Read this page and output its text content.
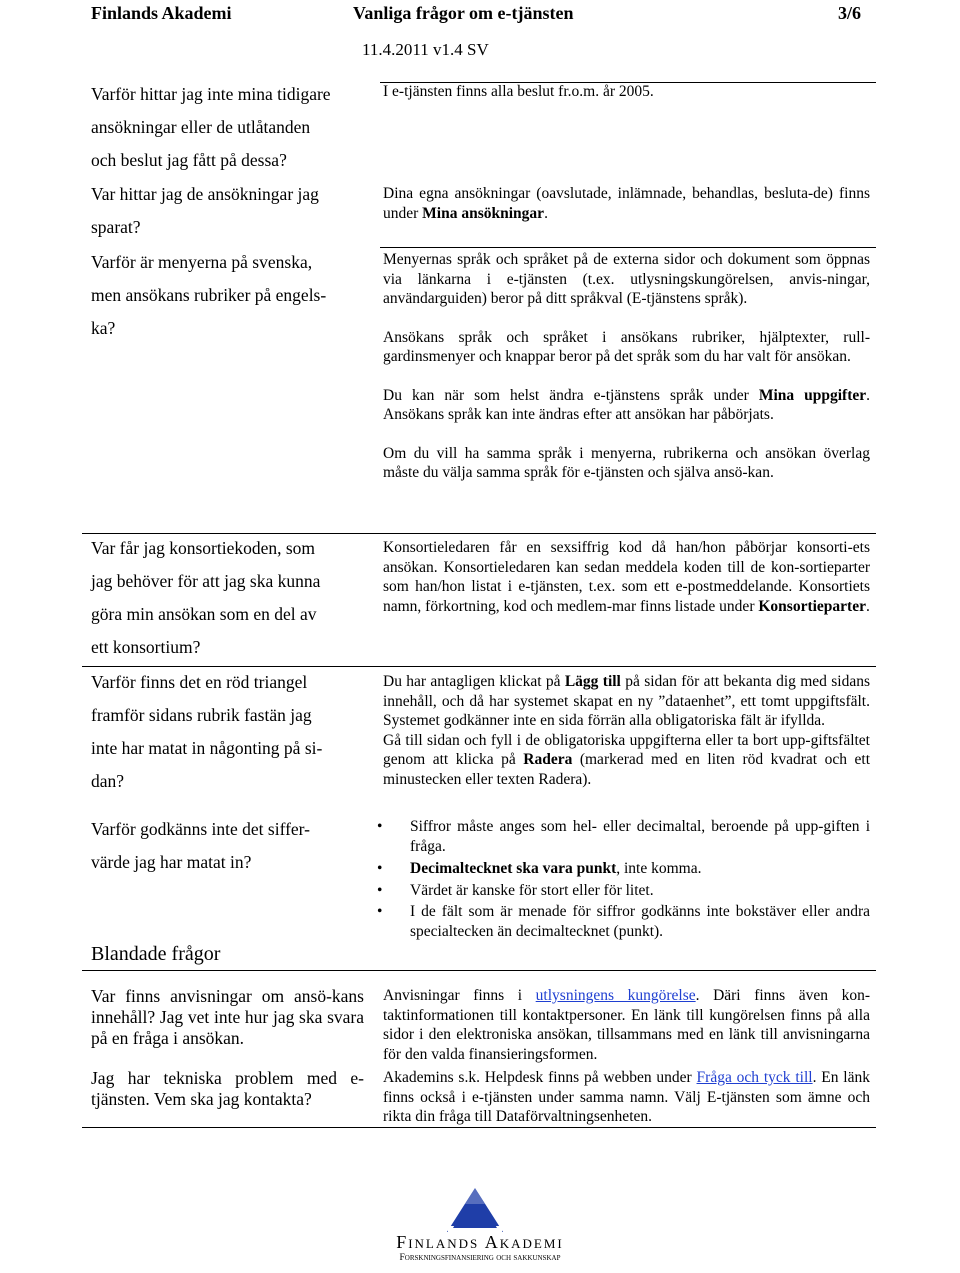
Finlands Akademi	Vanliga frågor om e-tjänsten	3/6
11.4.2011 v1.4 SV
Varför hittar jag inte mina tidigare
ansökningar eller de utlåtanden
och beslut jag fått på dessa?
I e-tjänsten finns alla beslut fr.o.m. år 2005.
Var hittar jag de ansökningar jag
sparat?
Dina egna ansökningar (oavslutade, inlämnade, behandlas, besluta-de) finns under Mina ansökningar.
Varför är menyerna på svenska,
men ansökans rubriker på engels-
ka?

Menyernas språk och språket på de externa sidor och dokument som öppnas via länkarna i e-tjänsten (t.ex. utlysningskungörelsen, anvis-ningar, användarguiden) beror på ditt språkval (E-tjänstens språk).

Ansökans språk och språket i ansökans rubriker, hjälptexter, rull-gardinsmenyer och knappar beror på det språk som du har valt för ansökan.

Du kan när som helst ändra e-tjänstens språk under Mina uppgifter. Ansökans språk kan inte ändras efter att ansökan har påbörjats.

Om du vill ha samma språk i menyerna, rubrikerna och ansökan överlag måste du välja samma språk för e-tjänsten och själva ansö-kan.

Var får jag konsortiekoden, som
jag behöver för att jag ska kunna
göra min ansökan som en del av
ett konsortium?
Konsortieledaren får en sexsiffrig kod då han/hon påbörjar konsorti-ets ansökan. Konsortieledaren kan sedan meddela koden till de kon-sortieparter som han/hon listat i e-tjänsten, t.ex. som ett e-postmeddelande. Konsortiets namn, förkortning, kod och medlem-mar finns listade under Konsortieparter.
Varför finns det en röd triangel
framför sidans rubrik fastän jag
inte har matat in någonting på si-
dan?

Du har antagligen klickat på Lägg till på sidan för att bekanta dig med sidans innehåll, och då har systemet skapat en ny ”dataenhet”, ett tomt uppgiftsfält. Systemet godkänner inte en sida förrän alla obligatoriska fält är ifyllda.

Gå till sidan och fyll i de obligatoriska uppgifterna eller ta bort upp-giftsfältet genom att klicka på Radera (markerad med en liten röd kvadrat och ett minustecken eller texten Radera).

Varför godkänns inte det siffer-
värde jag har matat in?
• Siffror måste anges som hel- eller decimaltal, beroende på upp-giften i fråga.
• Decimaltecknet ska vara punkt, inte komma.
• Värdet är kanske för stort eller för litet.
• I de fält som är menade för siffror godkänns inte bokstäver eller andra specialtecken än decimaltecknet (punkt).
Blandade frågor
Var finns anvisningar om ansö-kans innehåll? Jag vet inte hur jag ska svara på en fråga i ansökan.
Anvisningar finns i utlysningens kungörelse. Däri finns även kon-taktinformationen till kontaktpersoner. En länk till kungörelsen finns på alla sidor i den elektroniska ansökan, tillsammans med en länk till anvisningarna för den valda finansieringsformen.
Jag har tekniska problem med e-tjänsten. Vem ska jag kontakta?
Akademins s.k. Helpdesk finns på webben under Fråga och tyck till. En länk finns också i e-tjänsten under samma namn. Välj E-tjänsten som ämne och rikta din fråga till Dataförvaltningsenheten.
Finlands Akademi
Forskningsfinansiering och sakkunskap
